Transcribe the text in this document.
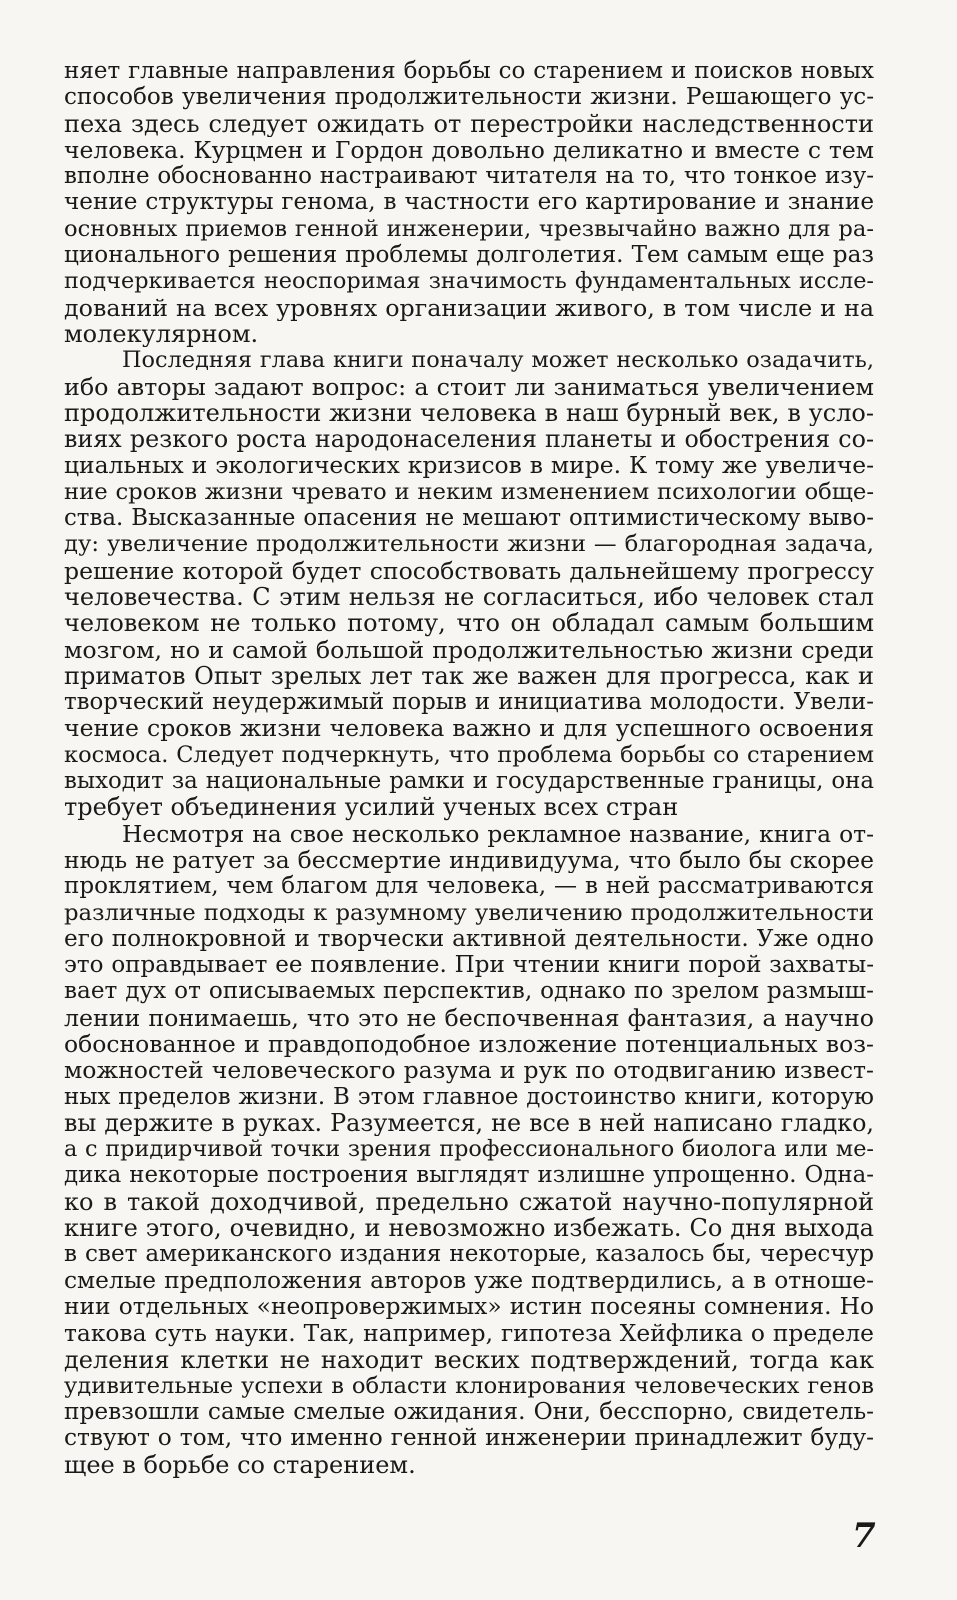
няет главные направления борьбы со старением и поисков новых
способов увеличения продолжительности жизни. Решающего ус-
пеха здесь следует ожидать от перестройки наследственности
человека. Курцмен и Гордон довольно деликатно и вместе с тем
вполне обоснованно настраивают читателя на то, что тонкое изу-
чение структуры генома, в частности его картирование и знание
основных приемов генной инженерии, чрезвычайно важно для ра-
ционального решения проблемы долголетия. Тем самым еще раз
подчеркивается неоспоримая значимость фундаментальных иссле-
дований на всех уровнях организации живого, в том числе и на
молекулярном.
Последняя глава книги поначалу может несколько озадачить,
ибо авторы задают вопрос: а стоит ли заниматься увеличением
продолжительности жизни человека в наш бурный век, в усло-
виях резкого роста народонаселения планеты и обострения со-
циальных и экологических кризисов в мире. К тому же увеличе-
ние сроков жизни чревато и неким изменением психологии обще-
ства. Высказанные опасения не мешают оптимистическому выво-
ду: увеличение продолжительности жизни — благородная задача,
решение которой будет способствовать дальнейшему прогрессу
человечества. С этим нельзя не согласиться, ибо человек стал
человеком не только потому, что он обладал самым большим
мозгом, но и самой большой продолжительностью жизни среди
приматов Опыт зрелых лет так же важен для прогресса, как и
творческий неудержимый порыв и инициатива молодости. Увели-
чение сроков жизни человека важно и для успешного освоения
космоса. Следует подчеркнуть, что проблема борьбы со старением
выходит за национальные рамки и государственные границы, она
требует объединения усилий ученых всех стран
Несмотря на свое несколько рекламное название, книга от-
нюдь не ратует за бессмертие индивидуума, что было бы скорее
проклятием, чем благом для человека, — в ней рассматриваются
различные подходы к разумному увеличению продолжительности
его полнокровной и творчески активной деятельности. Уже одно
это оправдывает ее появление. При чтении книги порой захваты-
вает дух от описываемых перспектив, однако по зрелом размыш-
лении понимаешь, что это не беспочвенная фантазия, а научно
обоснованное и правдоподобное изложение потенциальных воз-
можностей человеческого разума и рук по отодвиганию извест-
ных пределов жизни. В этом главное достоинство книги, которую
вы держите в руках. Разумеется, не все в ней написано гладко,
а с придирчивой точки зрения профессионального биолога или ме-
дика некоторые построения выглядят излишне упрощенно. Одна-
ко в такой доходчивой, предельно сжатой научно-популярной
книге этого, очевидно, и невозможно избежать. Со дня выхода
в свет американского издания некоторые, казалось бы, чересчур
смелые предположения авторов уже подтвердились, а в отноше-
нии отдельных «неопровержимых» истин посеяны сомнения. Но
такова суть науки. Так, например, гипотеза Хейфлика о пределе
деления клетки не находит веских подтверждений, тогда как
удивительные успехи в области клонирования человеческих генов
превзошли самые смелые ожидания. Они, бесспорно, свидетель-
ствуют о том, что именно генной инженерии принадлежит буду-
щее в борьбе со старением.
7
